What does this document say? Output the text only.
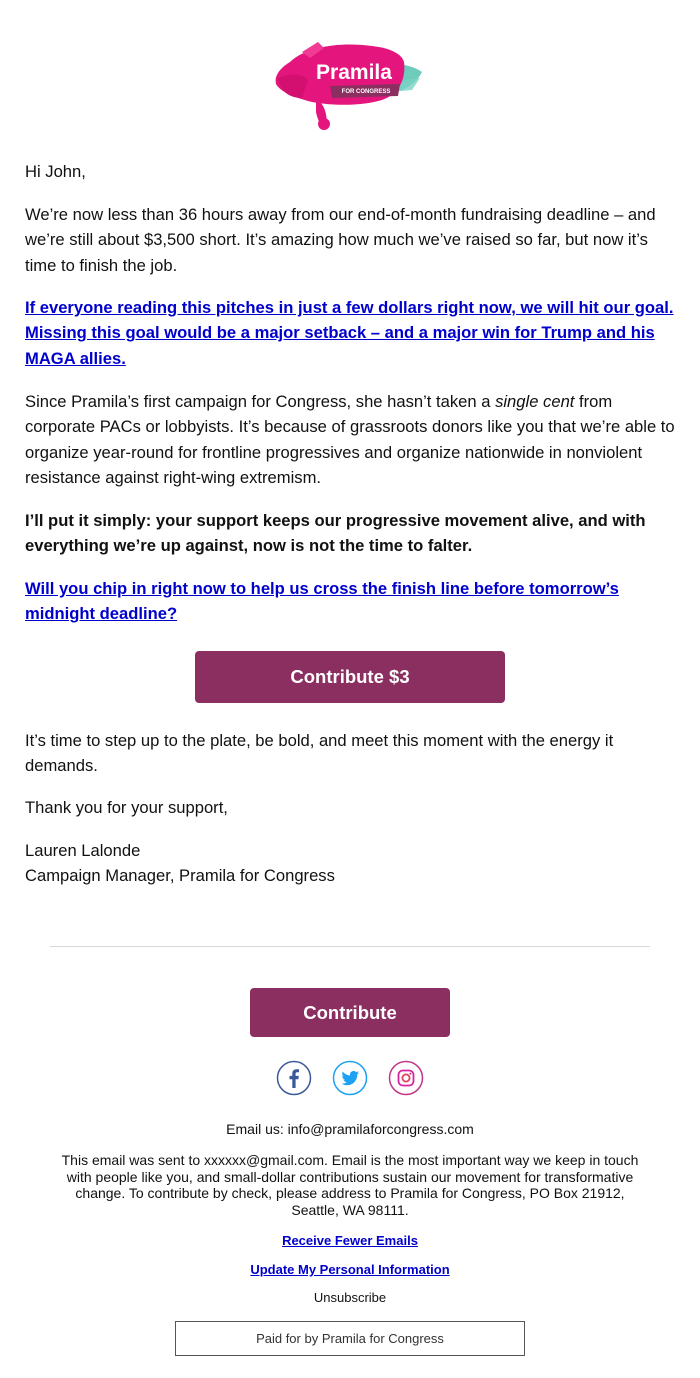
Pramila
FOR CONGRESS

Hi John,

We’re now less than 36 hours away from our end-of-month fundraising deadline – and we’re still about $3,500 short. It’s amazing how much we’ve raised so far, but now it’s time to finish the job.

If everyone reading this pitches in just a few dollars right now, we will hit our goal. Missing this goal would be a major setback – and a major win for Trump and his MAGA allies.

Since Pramila’s first campaign for Congress, she hasn’t taken a single cent from corporate PACs or lobbyists. It’s because of grassroots donors like you that we’re able to organize year-round for frontline progressives and organize nationwide in nonviolent resistance against right-wing extremism.

I’ll put it simply: your support keeps our progressive movement alive, and with everything we’re up against, now is not the time to falter.

Will you chip in right now to help us cross the finish line before tomorrow’s midnight deadline?

It’s time to step up to the plate, be bold, and meet this moment with the energy it demands.

Thank you for your support,

Lauren Lalonde

Campaign Manager, Pramila for Congress

Contribute $3
Contribute
Email us: info@pramilaforcongress.com
This email was sent to xxxxxx@gmail.com. Email is the most important way we keep in touch with people like you, and small-dollar contributions sustain our movement for transformative change. To contribute by check, please address to Pramila for Congress, PO Box 21912, Seattle, WA 98111.
Receive Fewer Emails
Update My Personal Information
Unsubscribe
Paid for by Pramila for Congress
